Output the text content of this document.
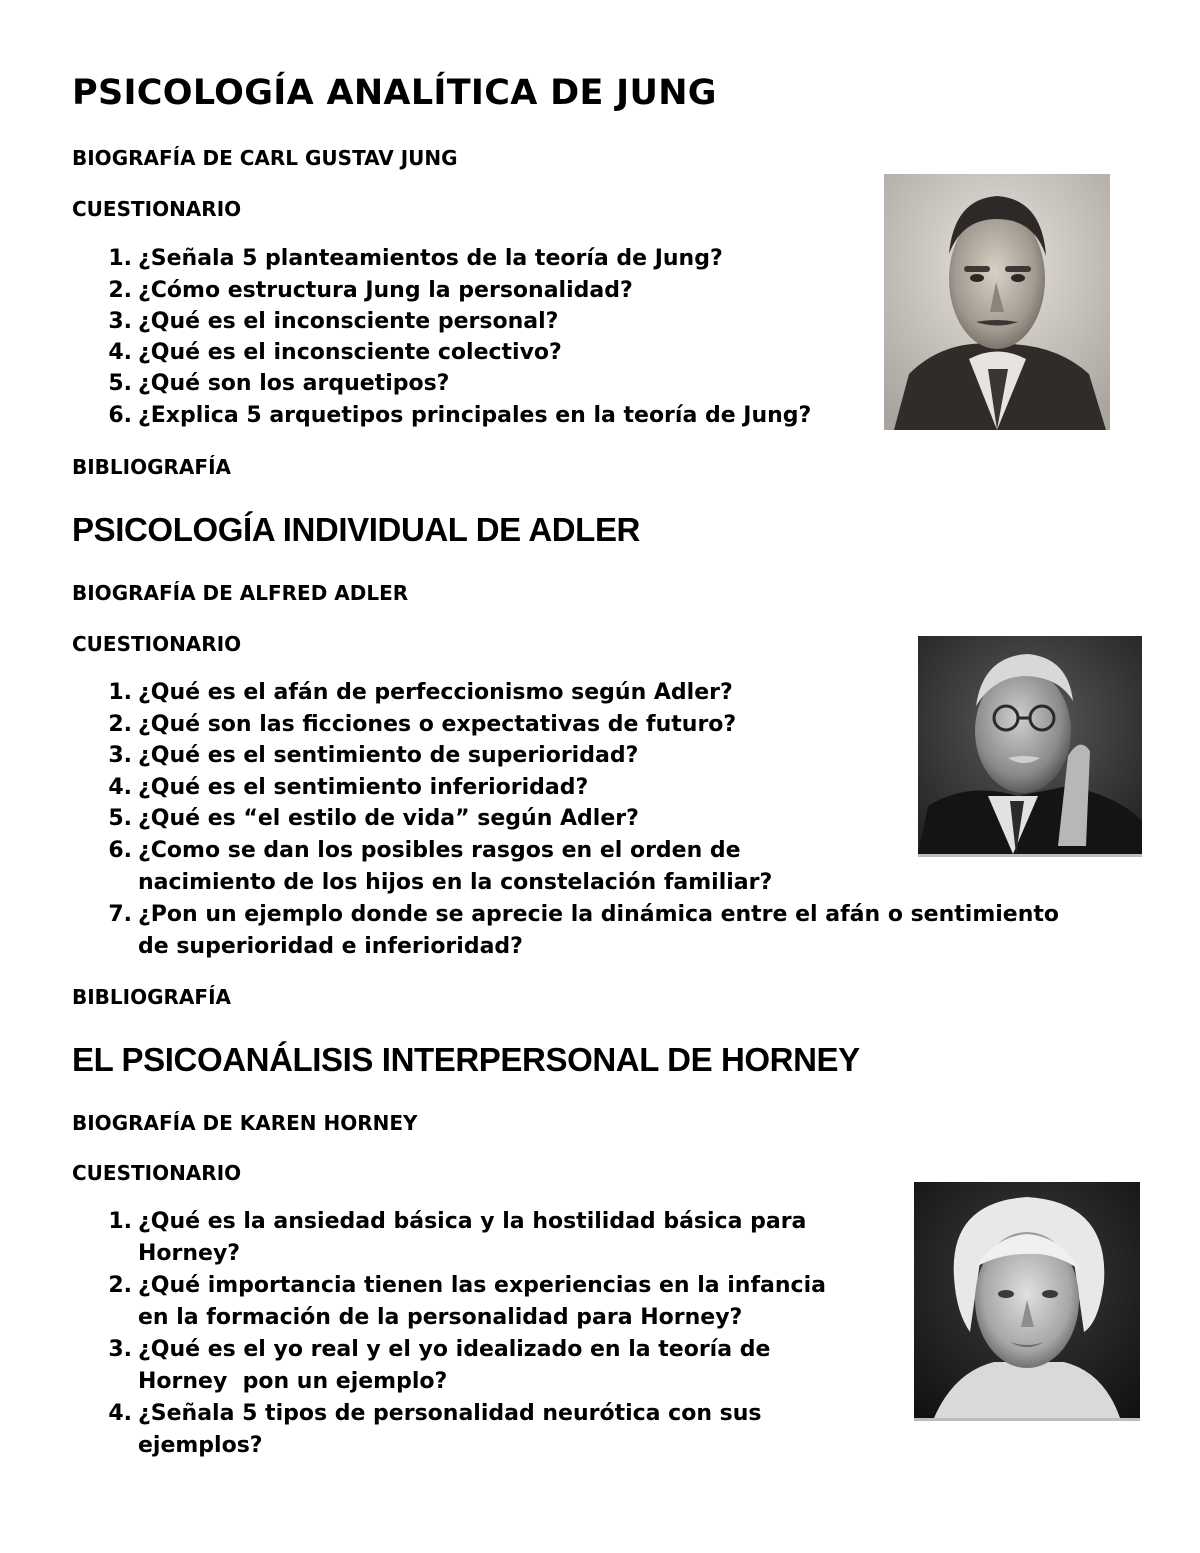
PSICOLOGÍA ANALÍTICA DE JUNG
BIOGRAFÍA DE CARL GUSTAV JUNG
CUESTIONARIO
1. ¿Señala 5 planteamientos de la teoría de Jung?
2. ¿Cómo estructura Jung la personalidad?
3. ¿Qué es el inconsciente personal?
4. ¿Qué es el inconsciente colectivo?
5. ¿Qué son los arquetipos?
6. ¿Explica 5 arquetipos principales en la teoría de Jung?
BIBLIOGRAFÍA
PSICOLOGÍA INDIVIDUAL DE ADLER
BIOGRAFÍA DE ALFRED ADLER
CUESTIONARIO
1. ¿Qué es el afán de perfeccionismo según Adler?
2. ¿Qué son las ficciones o expectativas de futuro?
3. ¿Qué es el sentimiento de superioridad?
4. ¿Qué es el sentimiento inferioridad?
5. ¿Qué es “el estilo de vida” según Adler?
6. ¿Como se dan los posibles rasgos en el orden de
nacimiento de los hijos en la constelación familiar?
7. ¿Pon un ejemplo donde se aprecie la dinámica entre el afán o sentimiento
de superioridad e inferioridad?
BIBLIOGRAFÍA
EL PSICOANÁLISIS INTERPERSONAL DE HORNEY
BIOGRAFÍA DE KAREN HORNEY
CUESTIONARIO
1. ¿Qué es la ansiedad básica y la hostilidad básica para
Horney?
2. ¿Qué importancia tienen las experiencias en la infancia
en la formación de la personalidad para Horney?
3. ¿Qué es el yo real y el yo idealizado en la teoría de
Horney  pon un ejemplo?
4. ¿Señala 5 tipos de personalidad neurótica con sus
ejemplos?
